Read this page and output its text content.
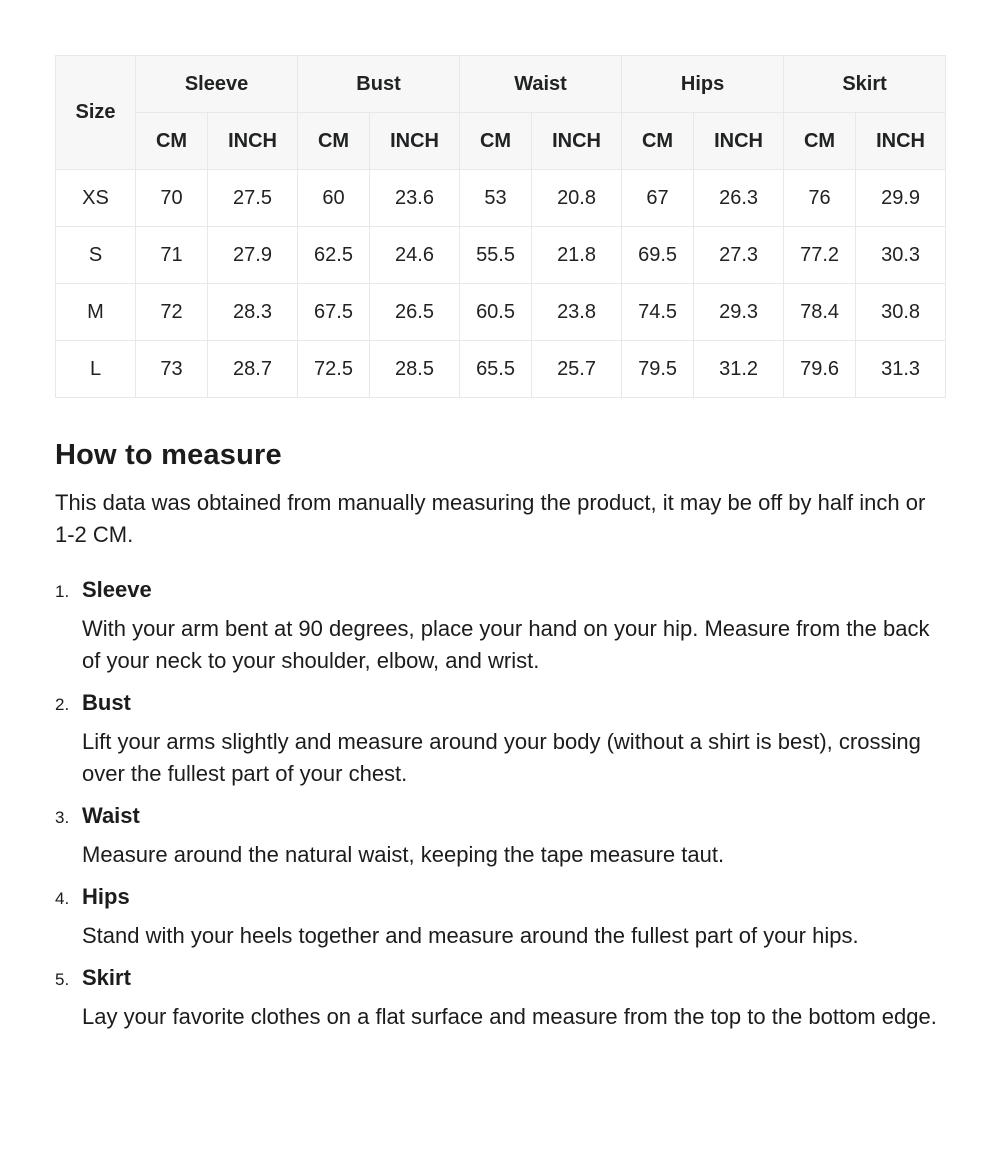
Size	Sleeve		Bust		Waist		Hips		Skirt	
	CM	INCH	CM	INCH	CM	INCH	CM	INCH	CM	INCH
XS	70	27.5	60	23.6	53	20.8	67	26.3	76	29.9
S	71	27.9	62.5	24.6	55.5	21.8	69.5	27.3	77.2	30.3
M	72	28.3	67.5	26.5	60.5	23.8	74.5	29.3	78.4	30.8
L	73	28.7	72.5	28.5	65.5	25.7	79.5	31.2	79.6	31.3
How to measure

This data was obtained from manually measuring the product, it may be off by half inch or 1-2 CM.

1. Sleeve
With your arm bent at 90 degrees, place your hand on your hip. Measure from the back of your neck to your shoulder, elbow, and wrist.
2. Bust
Lift your arms slightly and measure around your body (without a shirt is best), crossing over the fullest part of your chest.
3. Waist
Measure around the natural waist, keeping the tape measure taut.
4. Hips
Stand with your heels together and measure around the fullest part of your hips.
5. Skirt
Lay your favorite clothes on a flat surface and measure from the top to the bottom edge.
